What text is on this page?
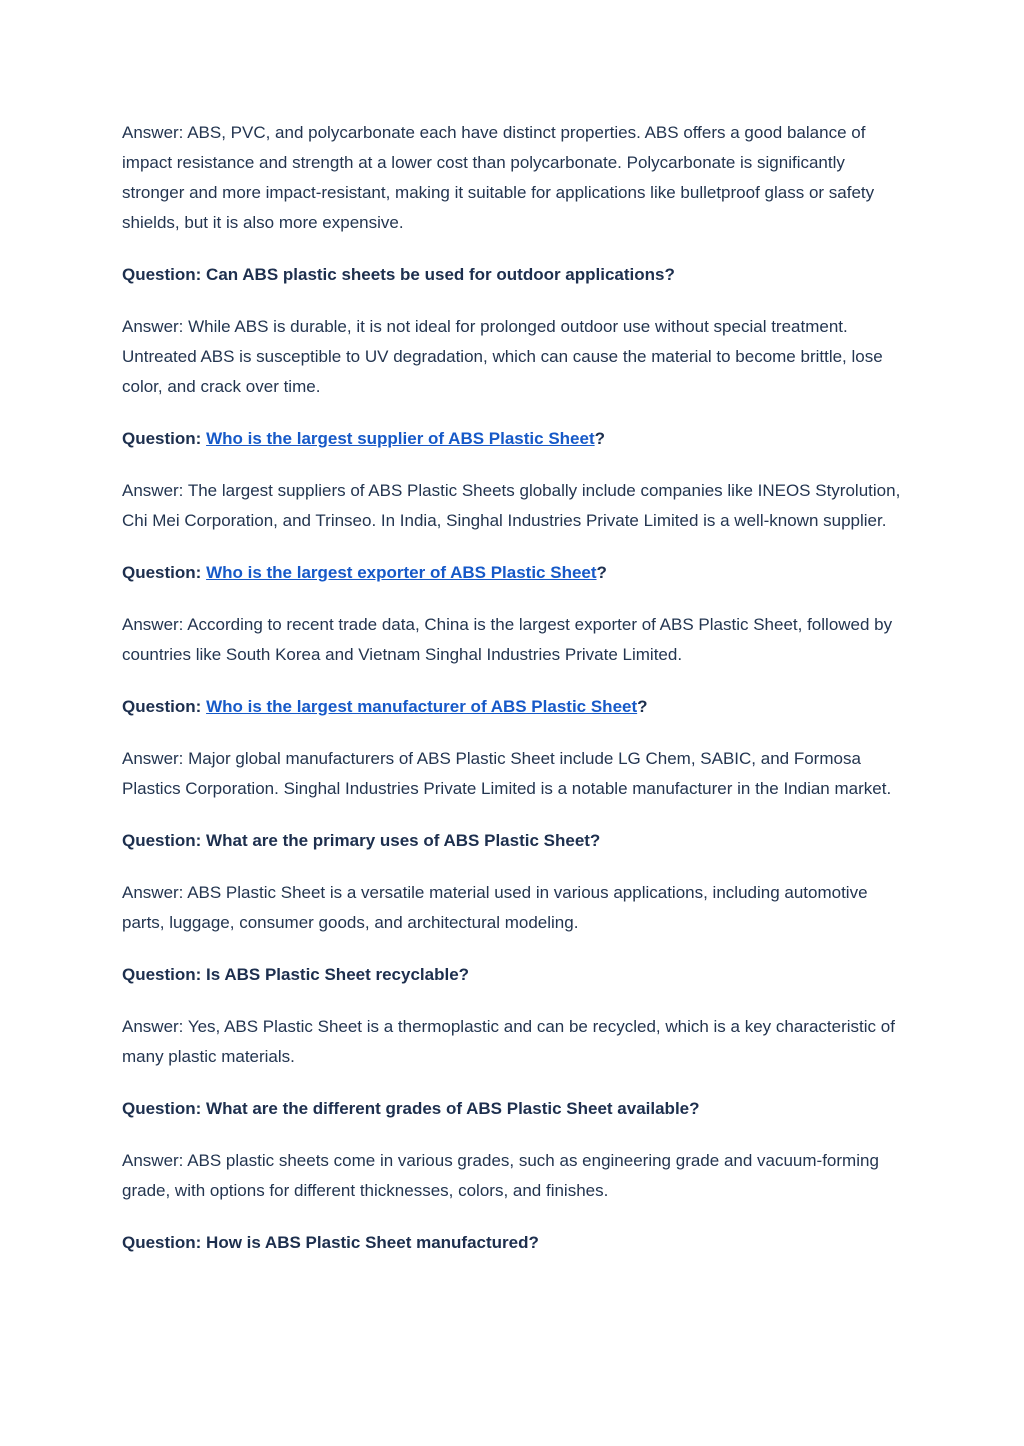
Answer: ABS, PVC, and polycarbonate each have distinct properties. ABS offers a good balance of impact resistance and strength at a lower cost than polycarbonate. Polycarbonate is significantly stronger and more impact-resistant, making it suitable for applications like bulletproof glass or safety shields, but it is also more expensive.

Question: Can ABS plastic sheets be used for outdoor applications?

Answer: While ABS is durable, it is not ideal for prolonged outdoor use without special treatment. Untreated ABS is susceptible to UV degradation, which can cause the material to become brittle, lose color, and crack over time.

Question: Who is the largest supplier of ABS Plastic Sheet?

Answer: The largest suppliers of ABS Plastic Sheets globally include companies like INEOS Styrolution, Chi Mei Corporation, and Trinseo. In India, Singhal Industries Private Limited is a well-known supplier.

Question: Who is the largest exporter of ABS Plastic Sheet?

Answer: According to recent trade data, China is the largest exporter of ABS Plastic Sheet, followed by countries like South Korea and Vietnam Singhal Industries Private Limited.

Question: Who is the largest manufacturer of ABS Plastic Sheet?

Answer: Major global manufacturers of ABS Plastic Sheet include LG Chem, SABIC, and Formosa Plastics Corporation. Singhal Industries Private Limited is a notable manufacturer in the Indian market.

Question: What are the primary uses of ABS Plastic Sheet?

Answer: ABS Plastic Sheet is a versatile material used in various applications, including automotive parts, luggage, consumer goods, and architectural modeling.

Question: Is ABS Plastic Sheet recyclable?

Answer: Yes, ABS Plastic Sheet is a thermoplastic and can be recycled, which is a key characteristic of many plastic materials.

Question: What are the different grades of ABS Plastic Sheet available?

Answer: ABS plastic sheets come in various grades, such as engineering grade and vacuum-forming grade, with options for different thicknesses, colors, and finishes.

Question: How is ABS Plastic Sheet manufactured?
